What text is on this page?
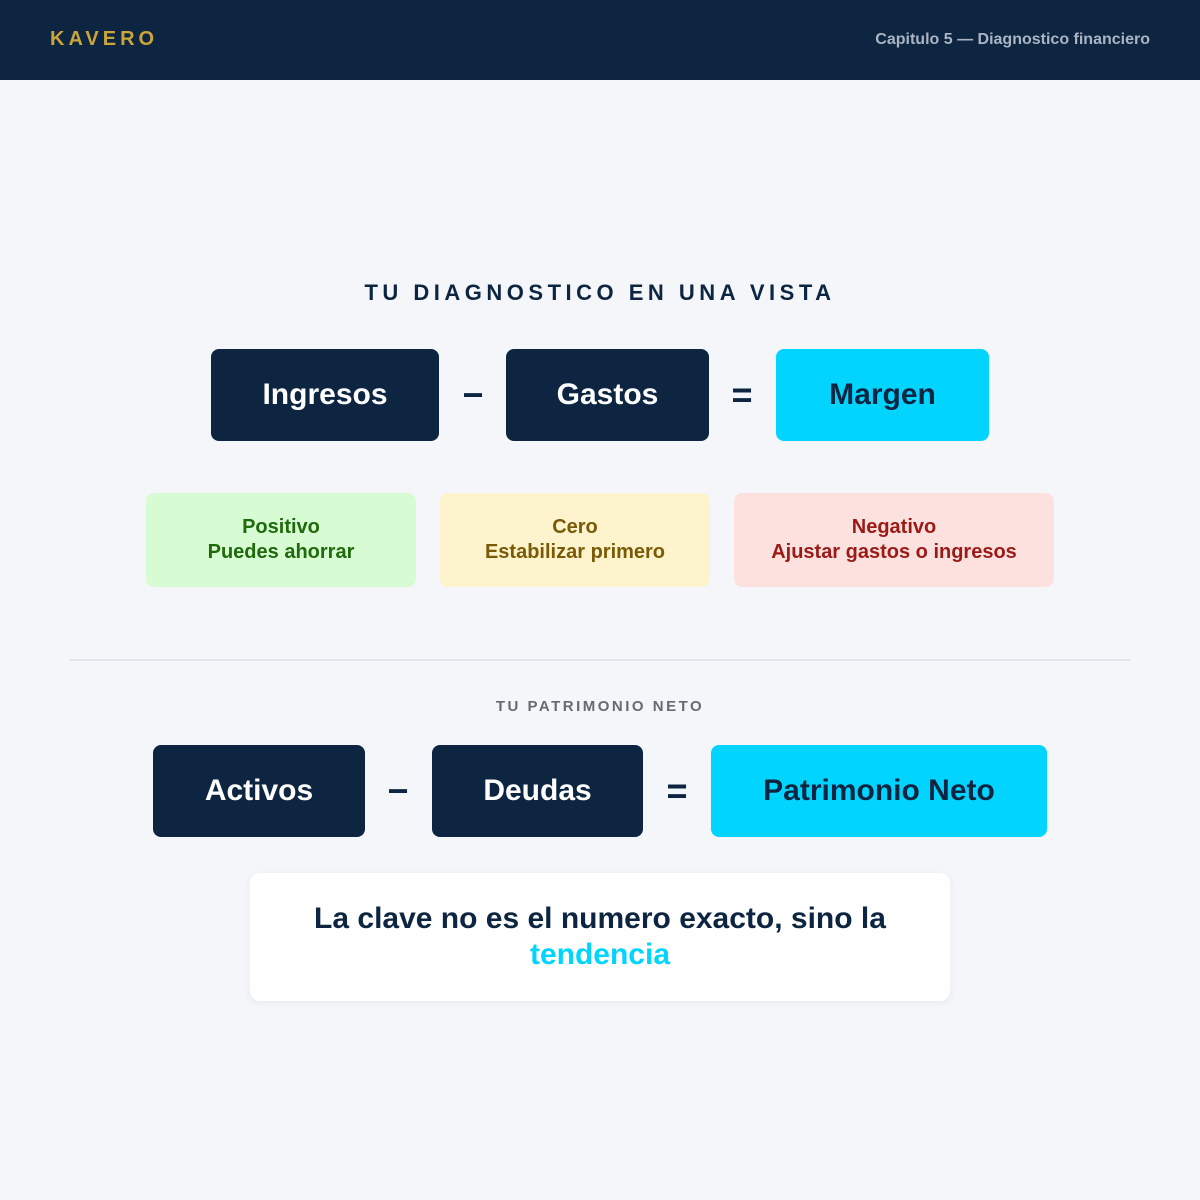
KAVERO	Capitulo 5 — Diagnostico financiero
TU DIAGNOSTICO EN UNA VISTA
Ingresos	−	Gastos	=	Margen
Positivo
Puedes ahorrar
Cero
Estabilizar primero
Negativo
Ajustar gastos o ingresos
TU PATRIMONIO NETO
Activos	−	Deudas	=	Patrimonio Neto
La clave no es el numero exacto, sino la
tendencia
